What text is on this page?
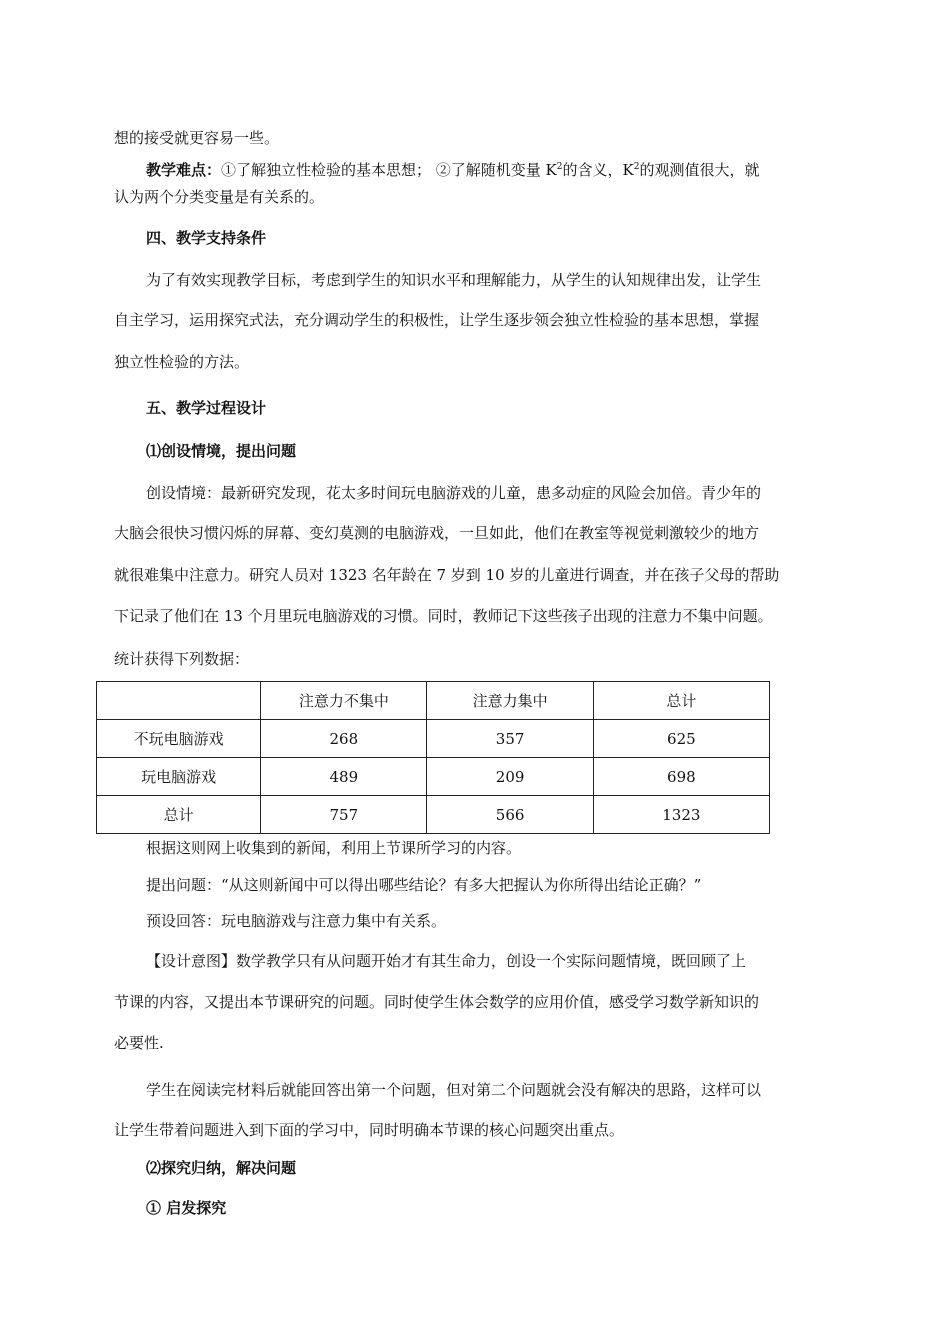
想的接受就更容易一些。
教学难点：①了解独立性检验的基本思想； ②了解随机变量 $K^2$的含义，$K^2$的观测值很大，就
认为两个分类变量是有关系的。
四、教学支持条件
为了有效实现教学目标，考虑到学生的知识水平和理解能力，从学生的认知规律出发，让学生
自主学习，运用探究式法，充分调动学生的积极性，让学生逐步领会独立性检验的基本思想，掌握
独立性检验的方法。
五、教学过程设计
⑴创设情境，提出问题
创设情境：最新研究发现，花太多时间玩电脑游戏的儿童，患多动症的风险会加倍。青少年的
大脑会很快习惯闪烁的屏幕、变幻莫测的电脑游戏，一旦如此，他们在教室等视觉刺激较少的地方
就很难集中注意力。研究人员对 1323 名年龄在 7 岁到 10 岁的儿童进行调查，并在孩子父母的帮助
下记录了他们在 13 个月里玩电脑游戏的习惯。同时，教师记下这些孩子出现的注意力不集中问题。
统计获得下列数据：
	注意力不集中	注意力集中	总计
不玩电脑游戏	268	357	625
玩电脑游戏	489	209	698
总计	757	566	1323
根据这则网上收集到的新闻，利用上节课所学习的内容。
提出问题：“从这则新闻中可以得出哪些结论？有多大把握认为你所得出结论正确？”
预设回答：玩电脑游戏与注意力集中有关系。
【设计意图】数学教学只有从问题开始才有其生命力，创设一个实际问题情境，既回顾了上
节课的内容，又提出本节课研究的问题。同时使学生体会数学的应用价值，感受学习数学新知识的
必要性.
学生在阅读完材料后就能回答出第一个问题，但对第二个问题就会没有解决的思路，这样可以
让学生带着问题进入到下面的学习中，同时明确本节课的核心问题突出重点。
⑵探究归纳，解决问题
① 启发探究
